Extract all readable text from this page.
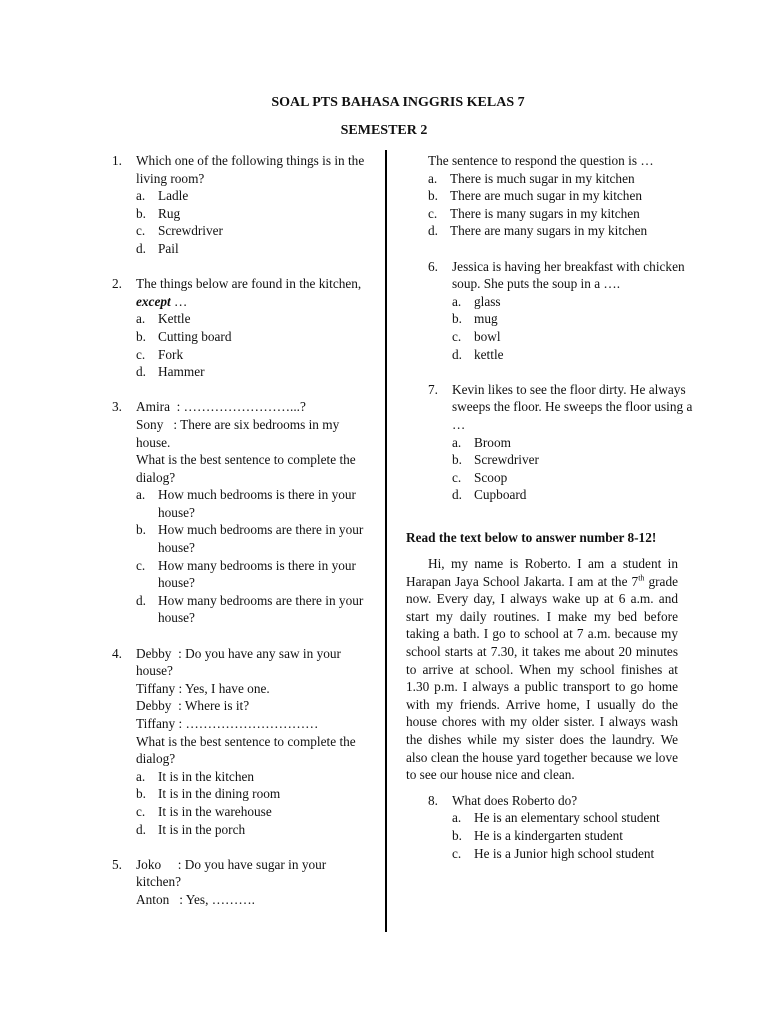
SOAL PTS BAHASA INGGRIS KELAS 7
SEMESTER 2
1. Which one of the following things is in the living room?
a. Ladle
b. Rug
c. Screwdriver
d. Pail
2. The things below are found in the kitchen, except …
a. Kettle
b. Cutting board
c. Fork
d. Hammer
3. Amira  : ……………………...?
Sony   : There are six bedrooms in my house.
What is the best sentence to complete the dialog?
a. How much bedrooms is there in your house?
b. How much bedrooms are there in your house?
c. How many bedrooms is there in your house?
d. How many bedrooms are there in your house?
4. Debby  : Do you have any saw in your house?
Tiffany : Yes, I have one.
Debby  : Where is it?
Tiffany : …………………………
What is the best sentence to complete the dialog?
a. It is in the kitchen
b. It is in the dining room
c. It is in the warehouse
d. It is in the porch
5. Joko     : Do you have sugar in your kitchen?
Anton   : Yes, ……….
The sentence to respond the question is …
a. There is much sugar in my kitchen
b. There are much sugar in my kitchen
c. There is many sugars in my kitchen
d. There are many sugars in my kitchen
6. Jessica is having her breakfast with chicken soup. She puts the soup in a ….
a. glass
b. mug
c. bowl
d. kettle
7. Kevin likes to see the floor dirty. He always sweeps the floor. He sweeps the floor using a …
a. Broom
b. Screwdriver
c. Scoop
d. Cupboard
Read the text below to answer number 8-12!
Hi, my name is Roberto. I am a student in Harapan Jaya School Jakarta. I am at the 7th grade now. Every day, I always wake up at 6 a.m. and start my daily routines. I make my bed before taking a bath. I go to school at 7 a.m. because my school starts at 7.30, it takes me about 20 minutes to arrive at school. When my school finishes at 1.30 p.m. I always a public transport to go home with my friends. Arrive home, I usually do the house chores with my older sister. I always wash the dishes while my sister does the laundry. We also clean the house yard together because we love to see our house nice and clean.
8. What does Roberto do?
a. He is an elementary school student
b. He is a kindergarten student
c. He is a Junior high school student
